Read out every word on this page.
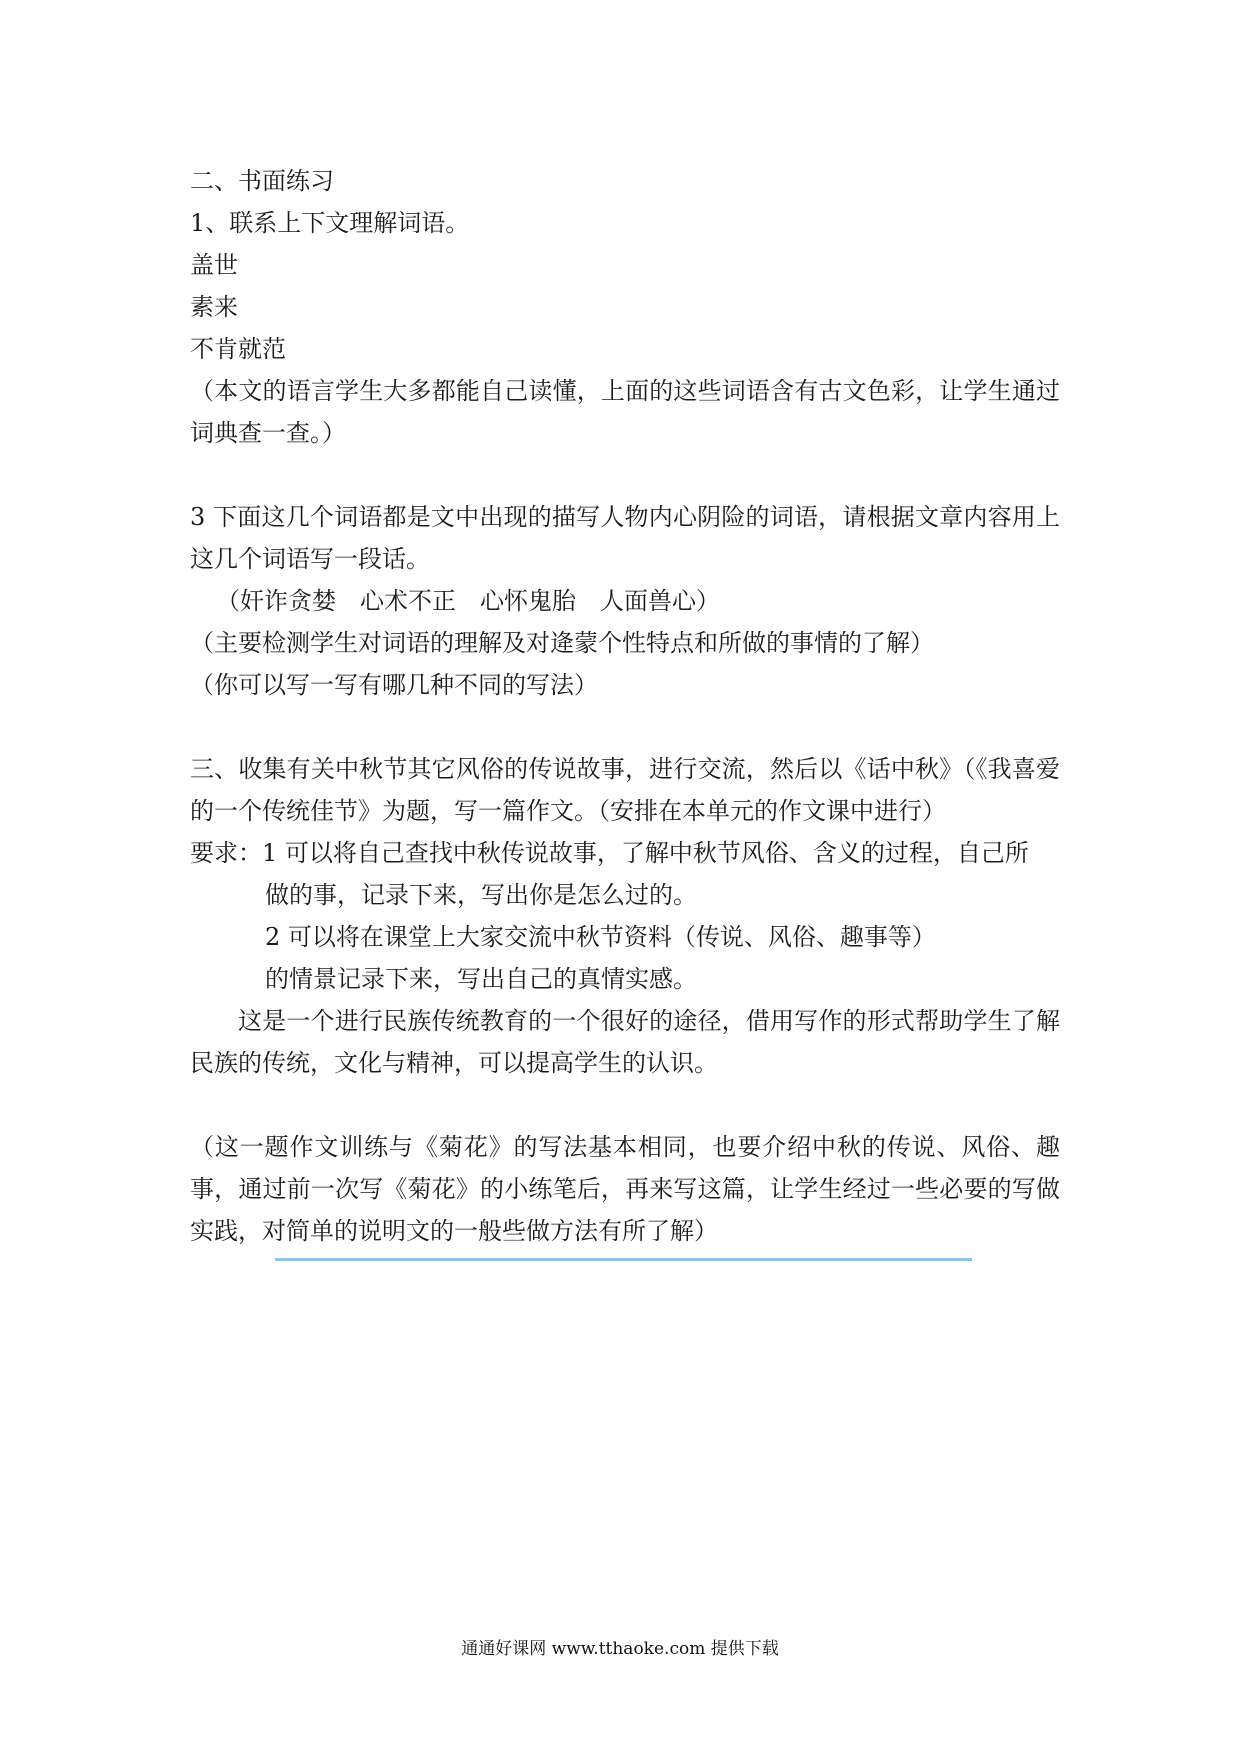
二、书面练习
1、联系上下文理解词语。
盖世
素来
不肯就范
（本文的语言学生大多都能自己读懂，上面的这些词语含有古文色彩，让学生通过词典查一查。）
3 下面这几个词语都是文中出现的描写人物内心阴险的词语，请根据文章内容用上这几个词语写一段话。
（奸诈贪婪　心术不正　心怀鬼胎　人面兽心）
（主要检测学生对词语的理解及对逄蒙个性特点和所做的事情的了解）
（你可以写一写有哪几种不同的写法）
三、收集有关中秋节其它风俗的传说故事，进行交流，然后以《话中秋》（《我喜爱的一个传统佳节》为题，写一篇作文。（安排在本单元的作文课中进行）
要求：1 可以将自己查找中秋传说故事，了解中秋节风俗、含义的过程，自己所
做的事，记录下来，写出你是怎么过的。
2 可以将在课堂上大家交流中秋节资料（传说、风俗、趣事等）
的情景记录下来，写出自己的真情实感。
这是一个进行民族传统教育的一个很好的途径，借用写作的形式帮助学生了解民族的传统，文化与精神，可以提高学生的认识。
（这一题作文训练与《菊花》的写法基本相同，也要介绍中秋的传说、风俗、趣事，通过前一次写《菊花》的小练笔后，再来写这篇，让学生经过一些必要的写做实践，对简单的说明文的一般些做方法有所了解）
通通好课网 www.tthaoke.com 提供下载
